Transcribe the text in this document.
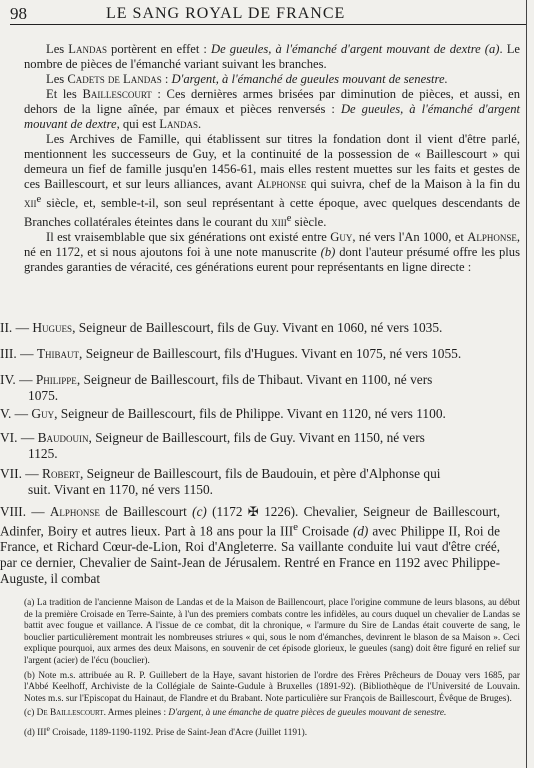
98	LE SANG ROYAL DE FRANCE

Les Landas portèrent en effet : De gueules, à l'émanché d'argent mouvant de dextre (a). Le nombre de pièces de l'émanché variant suivant les branches.

Les Cadets de Landas : D'argent, à l'émanché de gueules mouvant de senestre.

Et les Baillescourt : Ces dernières armes brisées par diminution de pièces, et aussi, en dehors de la ligne aînée, par émaux et pièces renversés : De gueules, à l'émanché d'argent mouvant de dextre, qui est Landas.

Les Archives de Famille, qui établissent sur titres la fondation dont il vient d'être parlé, mentionnent les successeurs de Guy, et la continuité de la possession de « Baillescourt » qui demeura un fief de famille jusqu'en 1456-61, mais elles restent muettes sur les faits et gestes de ces Baillescourt, et sur leurs alliances, avant Alphonse qui suivra, chef de la Maison à la fin du xii$^e$ siècle, et, semble-t-il, son seul représentant à cette époque, avec quelques descendants de Branches collatérales éteintes dans le courant du xiii$^e$ siècle.

Il est vraisemblable que six générations ont existé entre Guy, né vers l'An 1000, et Alphonse, né en 1172, et si nous ajoutons foi à une note manuscrite (b) dont l'auteur présumé offre les plus grandes garanties de véracité, ces générations eurent pour représentants en ligne directe :

II. — Hugues, Seigneur de Baillescourt, fils de Guy. Vivant en 1060, né vers 1035.
III. — Thibaut, Seigneur de Baillescourt, fils d'Hugues. Vivant en 1075, né vers 1055.
IV. — Philippe, Seigneur de Baillescourt, fils de Thibaut. Vivant en 1100, né vers
1075.
V. — Guy, Seigneur de Baillescourt, fils de Philippe. Vivant en 1120, né vers 1100.
VI. — Baudouin, Seigneur de Baillescourt, fils de Guy. Vivant en 1150, né vers
1125.
VII. — Robert, Seigneur de Baillescourt, fils de Baudouin, et père d'Alphonse qui
suit. Vivant en 1170, né vers 1150.
VIII. — Alphonse de Baillescourt (c) (1172 ✠ 1226). Chevalier, Seigneur de Baillescourt, Adinfer, Boiry et autres lieux. Part à 18 ans pour la IIIe Croisade (d) avec Philippe II, Roi de France, et Richard Cœur-de-Lion, Roi d'Angleterre. Sa vaillante conduite lui vaut d'être créé, par ce dernier, Chevalier de Saint-Jean de Jérusalem. Rentré en France en 1192 avec Philippe-Auguste, il combat

(a) La tradition de l'ancienne Maison de Landas et de la Maison de Baillencourt, place l'origine commune de leurs blasons, au début de la première Croisade en Terre-Sainte, à l'un des premiers combats contre les infidèles, au cours duquel un chevalier de Landas se battit avec fougue et vaillance. A l'issue de ce combat, dit la chronique, « l'armure du Sire de Landas était couverte de sang, le bouclier particulièrement montrait les nombreuses striures « qui, sous le nom d'émanches, devinrent le blason de sa Maison ». Ceci explique pourquoi, aux armes des deux Maisons, en souvenir de cet épisode glorieux, le gueules (sang) doit être figuré en relief sur l'argent (acier) de l'écu (bouclier).

(b) Note m.s. attribuée au R. P. Guillebert de la Haye, savant historien de l'ordre des Frères Prêcheurs de Douay vers 1685, par l'Abbé Keelhoff, Archiviste de la Collégiale de Sainte-Gudule à Bruxelles (1891-92). (Bibliothèque de l'Université de Louvain. Notes m.s. sur l'Episcopat du Hainaut, de Flandre et du Brabant. Note particulière sur François de Baillescourt, Évêque de Bruges).

(c) De Baillescourt. Armes pleines : D'argent, à une émanche de quatre pièces de gueules mouvant de senestre.

(d) IIIe Croisade, 1189-1190-1192. Prise de Saint-Jean d'Acre (Juillet 1191).
